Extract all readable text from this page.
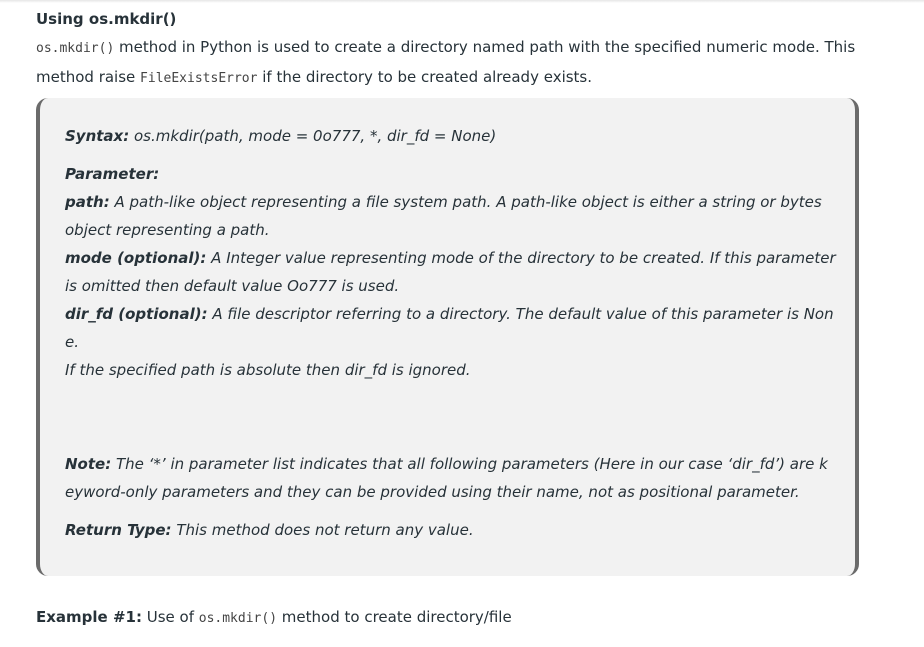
Using os.mkdir()
os.mkdir() method in Python is used to create a directory named path with the specified numeric mode. This method raise FileExistsError if the directory to be created already exists.
Syntax: os.mkdir(path, mode = 0o777, *, dir_fd = None)
Parameter:
path: A path-like object representing a file system path. A path-like object is either a string or bytes
object representing a path.
mode (optional): A Integer value representing mode of the directory to be created. If this parameter
is omitted then default value Oo777 is used.
dir_fd (optional): A file descriptor referring to a directory. The default value of this parameter is Non
e.
If the specified path is absolute then dir_fd is ignored.
Note: The ‘*’ in parameter list indicates that all following parameters (Here in our case ‘dir_fd’) are k
eyword-only parameters and they can be provided using their name, not as positional parameter.
Return Type: This method does not return any value.
Example #1: Use of os.mkdir() method to create directory/file
